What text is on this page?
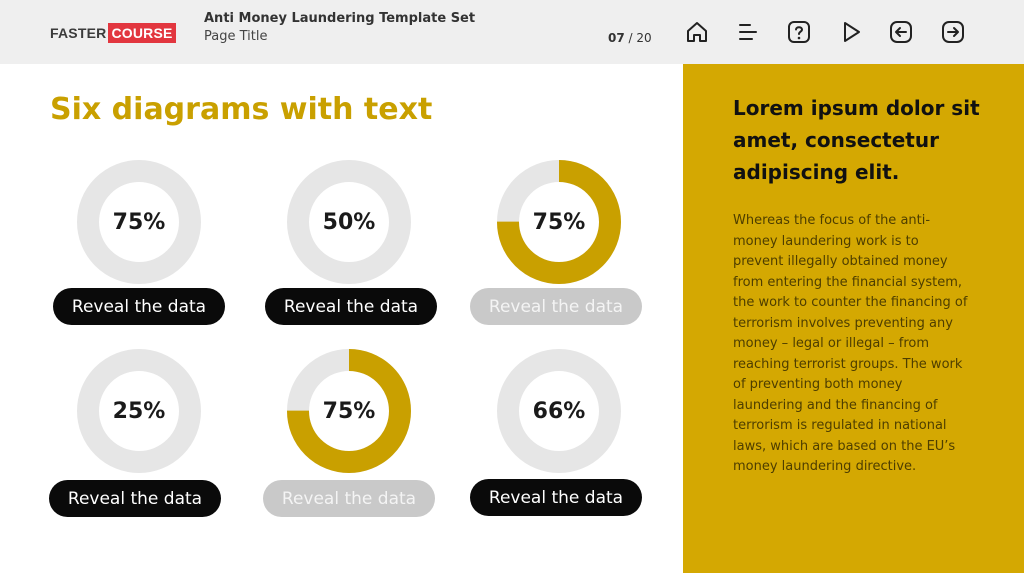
FASTER COURSE
Anti Money Laundering Template Set
Page Title	07 / 20
Six diagrams with text
75%
Reveal the data
50%
Reveal the data
75%
Reveal the data
25%
Reveal the data
75%
Reveal the data
66%
Reveal the data
Lorem ipsum dolor sit amet, consectetur adipiscing elit.

Whereas the focus of the anti-money laundering work is to prevent illegally obtained money from entering the financial system, the work to counter the financing of terrorism involves preventing any money – legal or illegal – from reaching terrorist groups. The work of preventing both money laundering and the financing of terrorism is regulated in national laws, which are based on the EU’s money laundering directive.
